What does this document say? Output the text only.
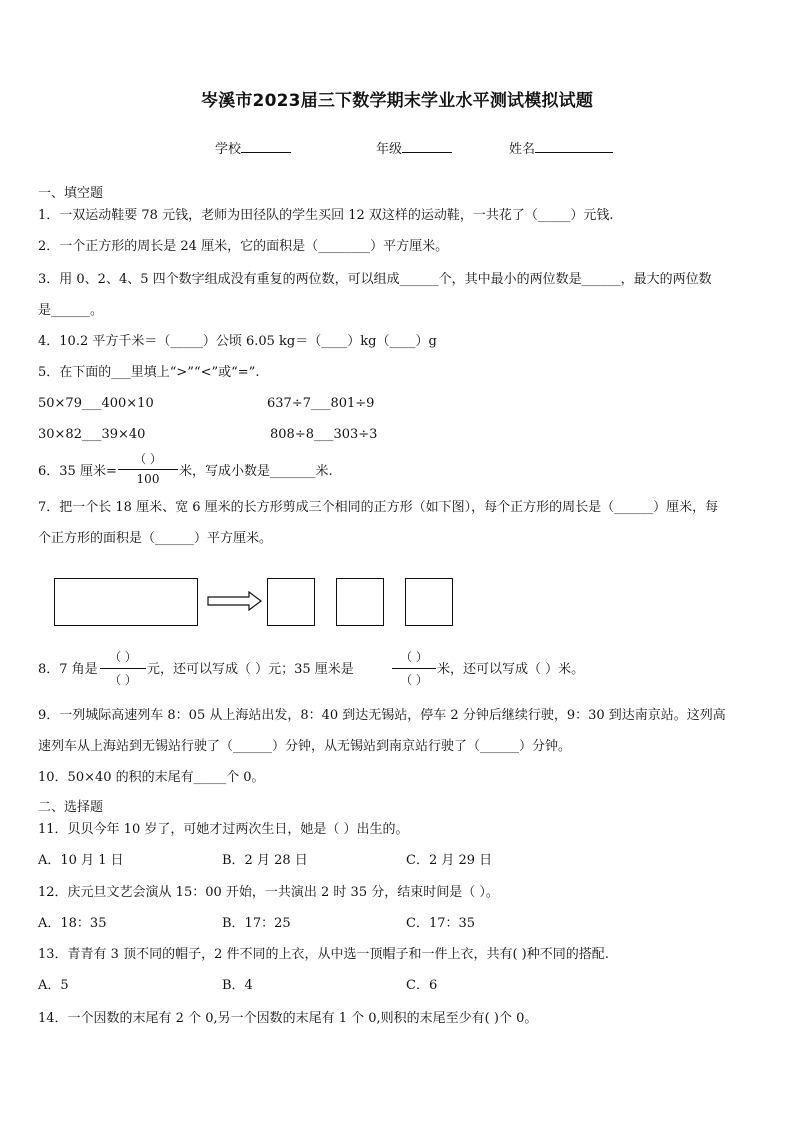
岑溪市2023届三下数学期末学业水平测试模拟试题
学校	年级	姓名
一、填空题
1．一双运动鞋要 78 元钱，老师为田径队的学生买回 12 双这样的运动鞋，一共花了（_____）元钱.
2．一个正方形的周长是 24 厘米，它的面积是（________）平方厘米。
3．用 0、2、4、5 四个数字组成没有重复的两位数，可以组成______个，其中最小的两位数是______，最大的两位数
是______。
4．10.2 平方千米＝（_____）公顷 6.05 kg＝（____）kg（____）g
5．在下面的___里填上“>”“<”或“=”.
50×79___400×10	637÷7___801÷9
30×82___39×40	808÷8___303÷3
6．35 厘米=
（ ）
100	米，写成小数是_______米.
7．把一个长 18 厘米、宽 6 厘米的长方形剪成三个相同的正方形（如下图），每个正方形的周长是（______）厘米，每
个正方形的面积是（______）平方厘米。
8．7 角是
（ ）
（ ）
元，还可以写成（ ）元；35 厘米是
（ ）
（ ）
米，还可以写成（ ）米。
9．一列城际高速列车 8：05 从上海站出发，8：40 到达无锡站，停车 2 分钟后继续行驶，9：30 到达南京站。这列高
速列车从上海站到无锡站行驶了（______）分钟，从无锡站到南京站行驶了（______）分钟。
10．50×40 的积的末尾有_____个 0。
二、选择题
11．贝贝今年 10 岁了，可她才过两次生日，她是（ ）出生的。
A．10 月 1 日	B．2 月 28 日	C．2 月 29 日
12．庆元旦文艺会演从 15：00 开始，一共演出 2 时 35 分，结束时间是（ ）。
A．18：35	B．17：25	C．17：35
13．青青有 3 顶不同的帽子，2 件不同的上衣，从中选一顶帽子和一件上衣，共有( )种不同的搭配.
A．5	B．4	C．6
14．一个因数的末尾有 2 个 0,另一个因数的末尾有 1 个 0,则积的末尾至少有( )个 0。
